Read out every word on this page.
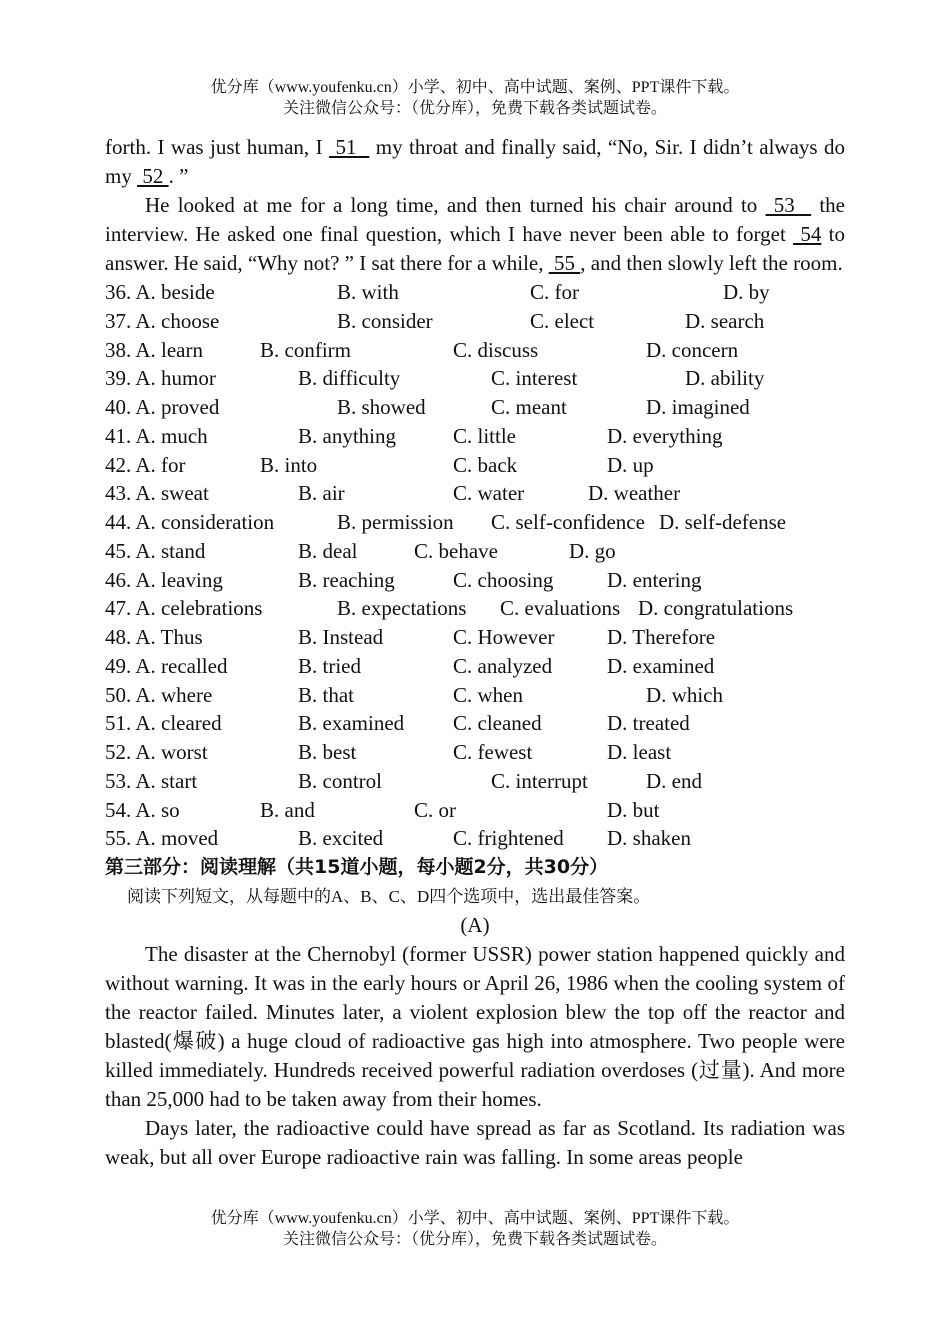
优分库（www.youfenku.cn）小学、初中、高中试题、案例、PPT课件下载。
关注微信公众号：（优分库），免费下载各类试题试卷。

forth. I was just human, I  51   my throat and finally said, “No, Sir. I didn’t always do my  52 . ”

He looked at me for a long time, and then turned his chair around to  53   the interview. He asked one final question, which I have never been able to forget  54 to answer. He said, “Why not? ” I sat there for a while,  55 , and then slowly left the room.

36. A. beside	B. with	C. for	D. by
37. A. choose	B. consider	C. elect	D. search
38. A. learn	B. confirm	C. discuss	D. concern
39. A. humor	B. difficulty	C. interest	D. ability
40. A. proved	B. showed	C. meant	D. imagined
41. A. much	B. anything	C. little	D. everything
42. A. for	B. into	C. back	D. up
43. A. sweat	B. air	C. water	D. weather
44. A. consideration	B. permission C. self-confidence D. self-defense
45. A. stand	B. deal	C. behave	D. go
46. A. leaving	B. reaching	C. choosing	D. entering
47. A. celebrations	B. expectations C. evaluations D. congratulations
48. A. Thus	B. Instead	C. However	D. Therefore
49. A. recalled	B. tried	C. analyzed	D. examined
50. A. where	B. that	C. when	D. which
51. A. cleared	B. examined C. cleaned	D. treated
52. A. worst	B. best	C. fewest	D. least
53. A. start	B. control	C. interrupt	D. end
54. A. so	B. and	C. or	D. but
55. A. moved	B. excited	C. frightened D. shaken

第三部分：阅读理解（共15道小题，每小题2分，共30分）

阅读下列短文，从每题中的A、B、C、D四个选项中，选出最佳答案。

(A)

The disaster at the Chernobyl (former USSR) power station happened quickly and without warning. It was in the early hours or April 26, 1986 when the cooling system of the reactor failed. Minutes later, a violent explosion blew the top off the reactor and blasted(爆破) a huge cloud of radioactive gas high into atmosphere. Two people were killed immediately. Hundreds received powerful radiation overdoses (过量). And more than 25,000 had to be taken away from their homes.

Days later, the radioactive could have spread as far as Scotland. Its radiation was weak, but all over Europe radioactive rain was falling. In some areas people

优分库（www.youfenku.cn）小学、初中、高中试题、案例、PPT课件下载。
关注微信公众号：（优分库），免费下载各类试题试卷。
